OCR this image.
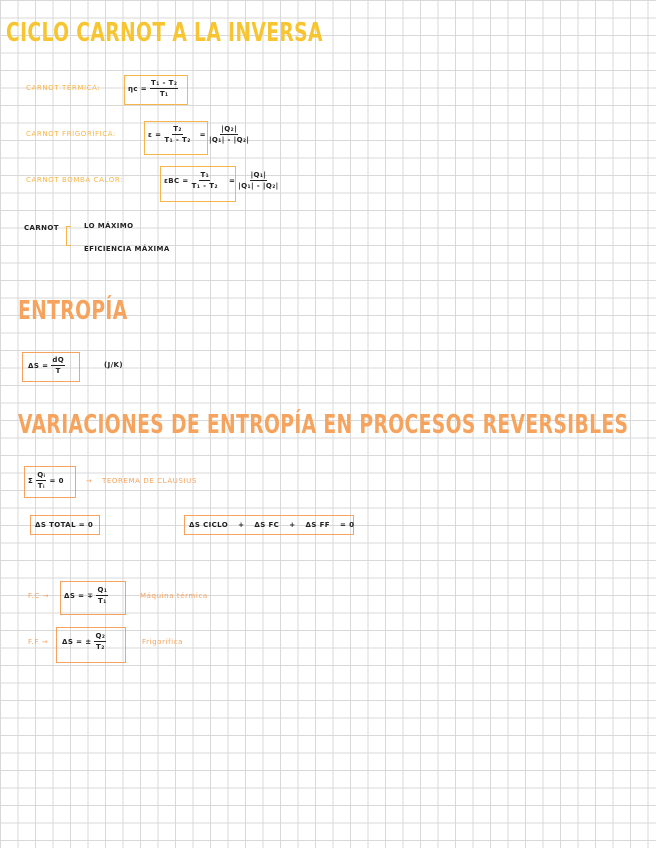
CICLO CARNOT A LA INVERSA
CARNOT TÉRMICA:	$\eta c = \frac{\text{T₁ - T₂}}{\text{T₁}}$
CARNOT FRIGORÍFICA:	$\varepsilon = \frac{\text{T₂}}{\text{T₁ - T₂}} = \frac{\text{|Q₂|}}{\text{|Q₁| - |Q₂|}}$
CARNOT BOMBA CALOR:	$\varepsilon BC = \frac{\text{T₁}}{\text{T₁ - T₂}} = \frac{\text{|Q₁|}}{\text{|Q₁| - |Q₂|}}$
CARNOT	LO MÁXIMO
EFICIENCIA MÁXIMA
ENTROPÍA
$\Delta S = \frac{dQ}{T}$	(J/K)
VARIACIONES DE ENTROPÍA EN PROCESOS REVERSIBLES
Σ $\frac{\text{Qᵢ}}{\text{Tᵢ}} = 0$	→ TEOREMA DE CLAUSIUS
ΔS TOTAL = 0	ΔS CICLO + ΔS FC + ΔS FF = 0
F.C → ΔS = ∓ $\frac{\text{Q₁}}{\text{T₁}}$	Máquina térmica
F.F → ΔS = ± $\frac{\text{Q₂}}{\text{T₂}}$	Frigorífica
